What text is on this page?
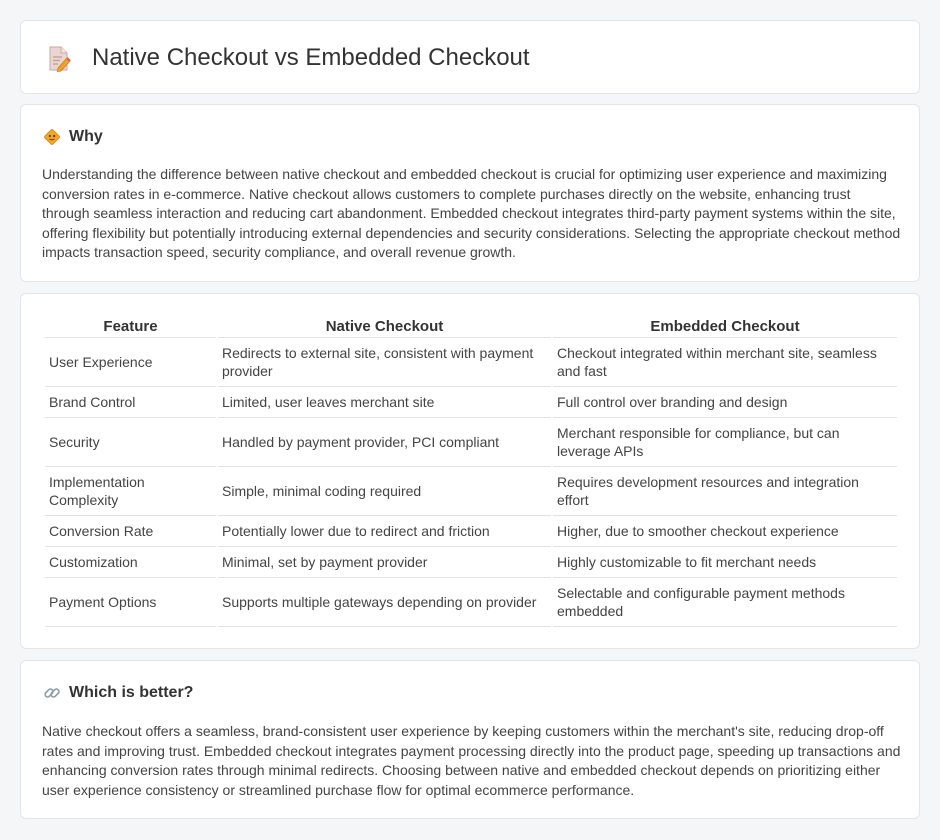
Native Checkout vs Embedded Checkout
Why

Understanding the difference between native checkout and embedded checkout is crucial for optimizing user experience and maximizing conversion rates in e-commerce. Native checkout allows customers to complete purchases directly on the website, enhancing trust through seamless interaction and reducing cart abandonment. Embedded checkout integrates third-party payment systems within the site, offering flexibility but potentially introducing external dependencies and security considerations. Selecting the appropriate checkout method impacts transaction speed, security compliance, and overall revenue growth.

Feature	Native Checkout	Embedded Checkout
User Experience	Redirects to external site, consistent with payment provider	Checkout integrated within merchant site, seamless and fast
Brand Control	Limited, user leaves merchant site	Full control over branding and design
Security	Handled by payment provider, PCI compliant	Merchant responsible for compliance, but can leverage APIs
Implementation Complexity	Simple, minimal coding required	Requires development resources and integration effort
Conversion Rate	Potentially lower due to redirect and friction	Higher, due to smoother checkout experience
Customization	Minimal, set by payment provider	Highly customizable to fit merchant needs
Payment Options	Supports multiple gateways depending on provider	Selectable and configurable payment methods embedded
Which is better?

Native checkout offers a seamless, brand-consistent user experience by keeping customers within the merchant's site, reducing drop-off rates and improving trust. Embedded checkout integrates payment processing directly into the product page, speeding up transactions and enhancing conversion rates through minimal redirects. Choosing between native and embedded checkout depends on prioritizing either user experience consistency or streamlined purchase flow for optimal ecommerce performance.
